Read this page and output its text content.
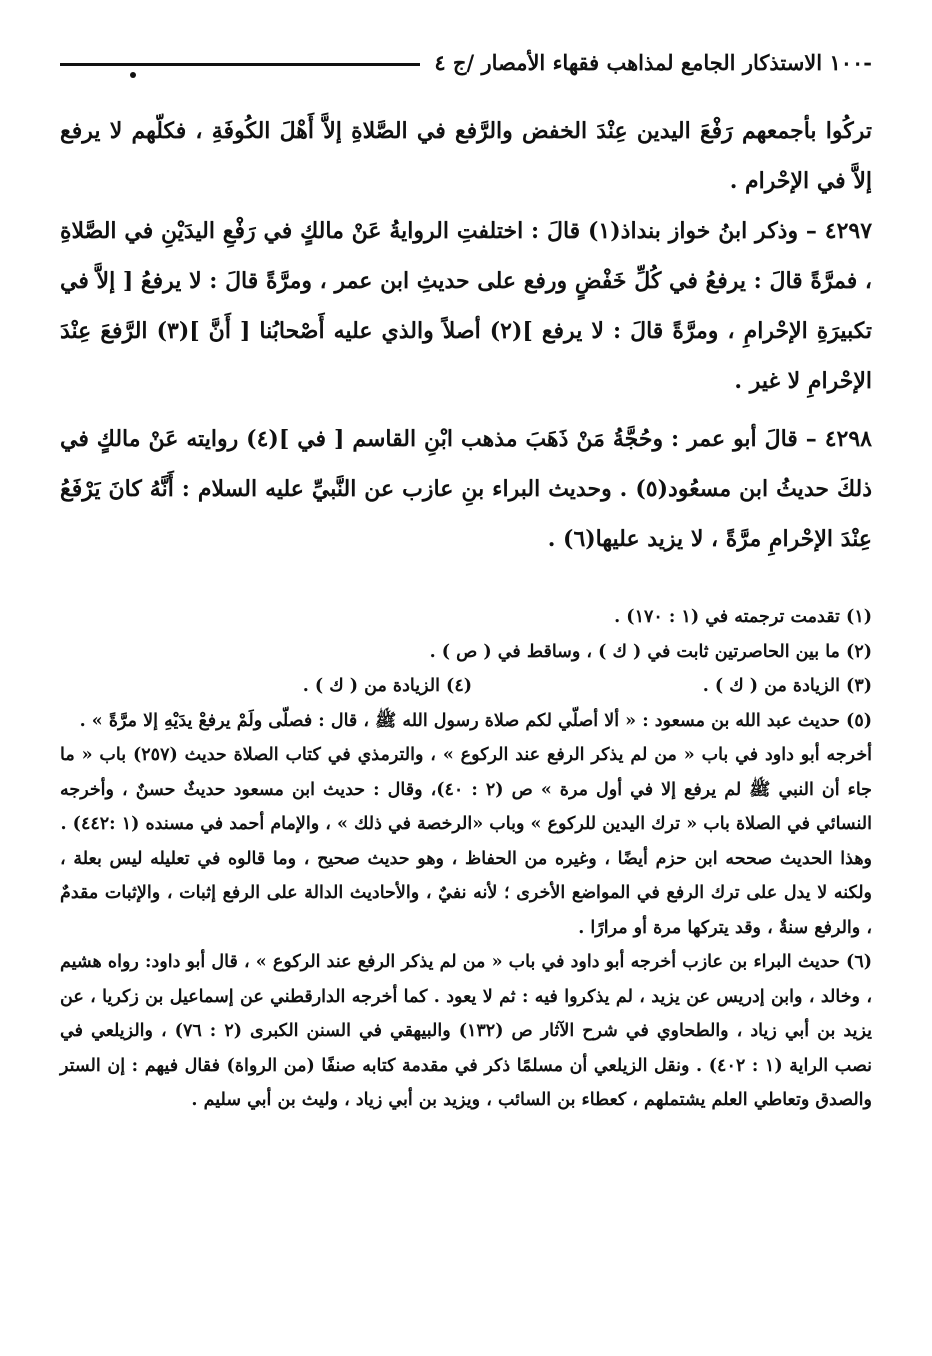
-١٠٠ الاستذكار الجامع لمذاهب فقهاء الأمصار /ج ٤

تركُوا بأجمعهم رَفْعَ اليدين عِنْدَ الخفض والرَّفع في الصَّلاةِ إلاَّ أَهْلَ الكُوفَةِ ، فكلّهم لا يرفع إلاَّ في الإحْرام .

٤٢٩٧ – وذكر ابنُ خواز بنداذ(١) قالَ : اختلفتِ الروايةُ عَنْ مالكٍ في رَفْعِ اليدَيْنِ في الصَّلاةِ ، فمرَّةً قالَ : يرفعُ في كُلِّ خَفْضٍ ورفع على حديثِ ابن عمر ، ومرَّةً قالَ : لا يرفعُ [ إلاَّ في تكبيرَةِ الإحْرامِ ، ومرَّةً قالَ : لا يرفع ](٢) أصلاً والذي عليه أَصْحابُنا [ أَنَّ ](٣) الرَّفعَ عِنْدَ الإحْرامِ لا غير .

٤٢٩٨ – قالَ أبو عمر : وحُجَّةُ مَنْ ذَهَبَ مذهب ابْنِ القاسم [ في ](٤) روايته عَنْ مالكٍ في ذلكَ حديثُ ابن مسعُود(٥) . وحديث البراء بنِ عازب عن النَّبيِّ عليه السلام : أَنَّهُ كانَ يَرْفَعُ عِنْدَ الإحْرامِ مرَّةً ، لا يزيد عليها(٦) .

(١) تقدمت ترجمته في (١ : ١٧٠) .

(٢) ما بين الحاصرتين ثابت في ( ك ) ، وساقط في ( ص ) .

(٣) الزيادة من ( ك ) .
(٤) الزيادة من ( ك ) .

(٥) حديث عبد الله بن مسعود : « ألا أصلّي لكم صلاة رسول الله ﷺ ، قال : فصلّى ولَمْ يرفعْ يدَيْهِ إلا مرَّةً » .

أخرجه أبو داود في باب « من لم يذكر الرفع عند الركوع » ، والترمذي في كتاب الصلاة حديث (٢٥٧) باب « ما جاء أن النبي ﷺ لم يرفع إلا في أول مرة » ص (٢ : ٤٠)، وقال : حديث ابن مسعود حديثٌ حسنٌ ، وأخرجه النسائي في الصلاة باب « ترك اليدين للركوع » وباب «الرخصة في ذلك » ، والإمام أحمد في مسنده (١ :٤٤٢) .

وهذا الحديث صححه ابن حزم أيضًا ، وغيره من الحفاظ ، وهو حديث صحيح ، وما قالوه في تعليله ليس بعلة ، ولكنه لا يدل على ترك الرفع في المواضع الأخرى ؛ لأنه نفيٌ ، والأحاديث الدالة على الرفع إثبات ، والإثبات مقدمٌ ، والرفع سنةٌ ، وقد يتركها مرة أو مرارًا .

(٦) حديث البراء بن عازب أخرجه أبو داود في باب « من لم يذكر الرفع عند الركوع » ، قال أبو داود: رواه هشيم ، وخالد ، وابن إدريس عن يزيد ، لم يذكروا فيه : ثم لا يعود . كما أخرجه الدارقطني عن إسماعيل بن زكريا ، عن يزيد بن أبي زياد ، والطحاوي في شرح الآثار ص (١٣٢) والبيهقي في السنن الكبرى (٢ : ٧٦) ، والزيلعي في نصب الراية (١ : ٤٠٢) . ونقل الزيلعي أن مسلمًا ذكر في مقدمة كتابه صنفًا (من الرواة) فقال فيهم : إن الستر والصدق وتعاطي العلم يشتملهم ، كعطاء بن السائب ، ويزيد بن أبي زياد ، وليث بن أبي سليم .
